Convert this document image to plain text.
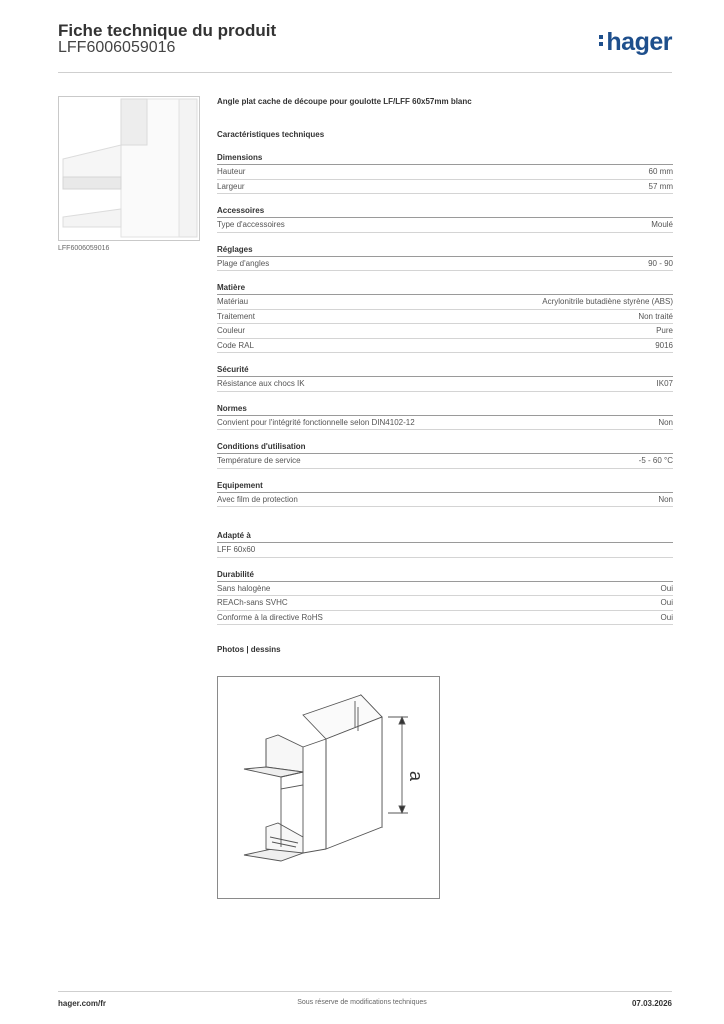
Fiche technique du produit
LFF6006059016	hager
LFF6006059016
Angle plat cache de découpe pour goulotte LF/LFF 60x57mm blanc
Caractéristiques techniques
Dimensions
Hauteur	60 mm
Largeur	57 mm
Accessoires
Type d'accessoires	Moulé
Réglages
Plage d'angles	90 - 90
Matière
Matériau	Acrylonitrile butadiène styrène (ABS)
Traitement	Non traité
Couleur	Pure
Code RAL	9016
Sécurité
Résistance aux chocs IK	IK07
Normes
Convient pour l'intégrité fonctionnelle selon DIN4102-12	Non
Conditions d'utilisation
Température de service	-5 - 60 °C
Equipement
Avec film de protection	Non
Adapté à
LFF 60x60
Durabilité
Sans halogène	Oui
REACh-sans SVHC	Oui
Conforme à la directive RoHS	Oui
Photos | dessins
a
hager.com/fr	Sous réserve de modifications techniques	07.03.2026
